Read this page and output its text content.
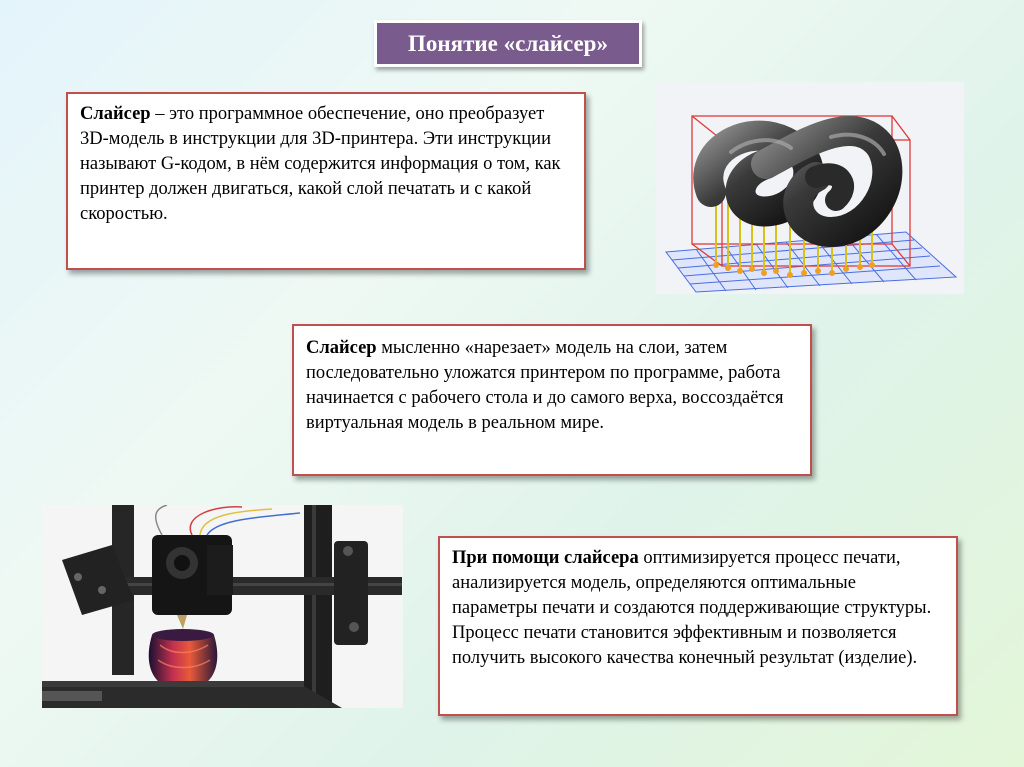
Понятие «слайсер»
Слайсер – это программное обеспечение, оно преобразует 3D-модель в инструкции для 3D-принтера. Эти инструкции называют G-кодом, в нём содержится информация о том, как принтер должен двигаться, какой слой печатать и с какой скоростью.
Слайсер мысленно «нарезает» модель на слои, затем последовательно уложатся принтером по программе, работа начинается с рабочего стола и до самого верха, воссоздаётся виртуальная модель в реальном мире.
При помощи слайсера оптимизируется процесс печати, анализируется модель, определяются оптимальные параметры печати и создаются поддерживающие структуры. Процесс печати становится эффективным и позволяется получить высокого качества конечный результат (изделие).
